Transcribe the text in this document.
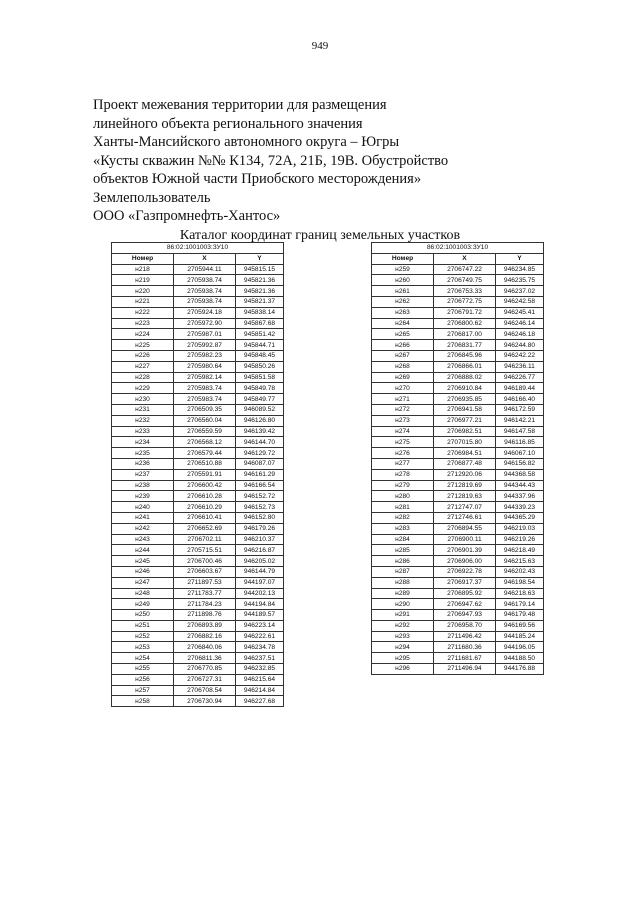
949
Проект межевания территории для размещения
линейного объекта регионального значения
Ханты-Мансийского автономного округа – Югры
«Кусты скважин №№ К134, 72А, 21Б, 19В. Обустройство
объектов Южной части Приобского месторождения»
Землепользователь
ООО «Газпромнефть-Хантос»
Каталог координат границ земельных участков
86:02:1001003:ЗУ10		
Номер	X	Y
н218	2705944.11	945815.15
н219	2705938.74	945821.36
н220	2705938.74	945821.36
н221	2705938.74	945821.37
н222	2705924.18	945838.14
н223	2705972.90	945867.68
н224	2705987.01	945851.42
н225	2705992.87	945844.71
н226	2705982.23	945848.45
н227	2705980.64	945850.26
н228	2705982.14	945851.58
н229	2705983.74	945849.78
н230	2705983.74	945849.77
н231	2706509.35	946089.52
н232	2706560.04	946126.80
н233	2706559.59	946139.42
н234	2706568.12	946144.70
н235	2706579.44	946129.72
н236	2706510.88	946087.07
н237	2705591.91	946161.29
н238	2706600.42	946166.54
н239	2706610.28	946152.72
н240	2706610.29	946152.73
н241	2706610.41	946152.80
н242	2706652.69	946179.26
н243	2706702.11	946210.37
н244	2705715.51	946216.87
н245	2706700.46	946205.02
н246	2706603.67	946144.79
н247	2711897.53	944197.07
н248	2711783.77	944202.13
н249	2711784.23	944194.84
н250	2711898.76	944189.57
н251	2706893.89	946223.14
н252	2706882.16	946222.61
н253	2706840.06	946234.78
н254	2706811.36	946237.51
н255	2706770.85	946232.85
н256	2706727.31	946215.64
н257	2706708.54	946214.84
н258	2706730.94	946227.68
86:02:1001003:ЗУ10		
Номер	X	Y
н259	2706747.22	946234.85
н260	2706749.75	946235.75
н261	2706753.33	946237.02
н262	2706772.75	946242.58
н263	2706791.72	946245.41
н264	2706800.62	946246.14
н265	2706817.00	946246.18
н266	2706831.77	946244.80
н267	2706845.96	946242.22
н268	2706866.01	946236.11
н269	2706888.02	946226.77
н270	2706910.84	946189.44
н271	2706935.85	946166.40
н272	2706941.58	946172.59
н273	2706977.21	946142.21
н274	2706982.51	946147.58
н275	2707015.80	946116.85
н276	2706984.51	946067.10
н277	2706877.48	946156.82
н278	2712920.06	944368.58
н279	2712819.69	944344.43
н280	2712819.63	944337.96
н281	2712747.07	944339.23
н282	2712746.61	944365.29
н283	2706894.55	946219.03
н284	2706900.11	946219.26
н285	2706901.39	946218.49
н286	2706906.00	946215.63
н287	2706922.78	946202.43
н288	2706917.37	946198.54
н289	2706895.92	946218.63
н290	2706947.62	946179.14
н291	2706947.93	946179.48
н292	2706958.70	946169.56
н293	2711496.42	944185.24
н294	2711680.36	944196.05
н295	2711681.67	944188.50
н296	2711496.94	944176.88
